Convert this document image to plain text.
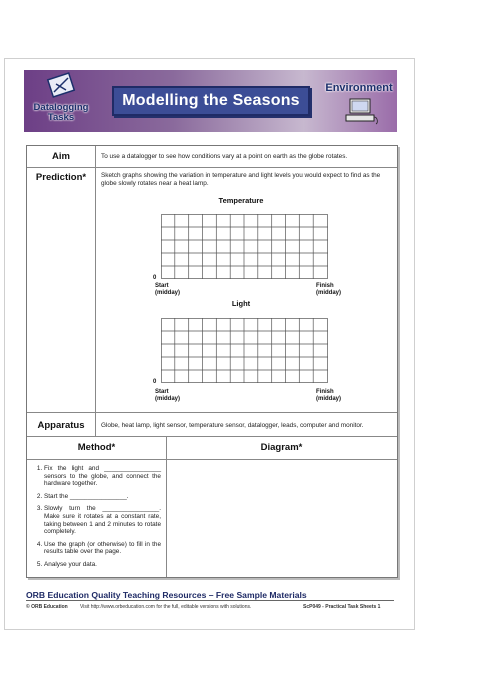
Datalogging Tasks
Modelling the Seasons
Environment
Aim	To use a datalogger to see how conditions vary at a point on earth as the globe rotates.
Prediction*	Sketch graphs showing the variation in temperature and light levels you would expect to find as the globe slowly rotates near a heat lamp.
Temperature
0
Start
(midday)
Finish
(midday)
Light
0
Start
(midday)
Finish
(midday)
Apparatus	Globe, heat lamp, light sensor, temperature sensor, datalogger, leads, computer and monitor.
Method*	Diagram*
1. Fix the light and ________________ sensors to the globe, and connect the hardware together.
2. Start the ________________.
3. Slowly turn the ________________. Make sure it rotates at a constant rate, taking between 1 and 2 minutes to rotate completely.
4. Use the graph (or otherwise) to fill in the results table over the page.
5. Analyse your data.
ORB Education Quality Teaching Resources – Free Sample Materials
© ORB Education Visit http://www.orbeducation.com for the full, editable versions with solutions.	ScP049 - Practical Task Sheets 1
